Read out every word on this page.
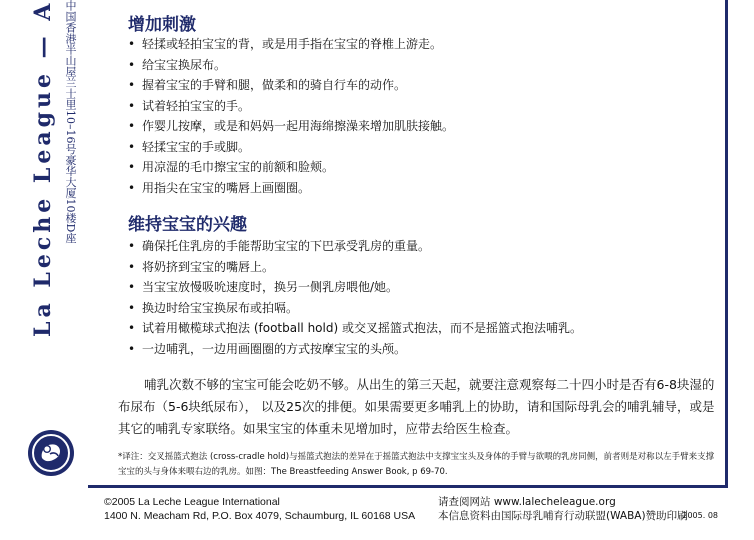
La Leche League — A 中国香港半山屋兰士里10–16号豪华大厦10楼D座	增加刺激
• 轻揉或轻拍宝宝的背，或是用手指在宝宝的脊椎上游走。
• 给宝宝换尿布。
• 握着宝宝的手臂和腿，做柔和的骑自行车的动作。
• 试着轻拍宝宝的手。
• 作婴儿按摩，或是和妈妈一起用海绵擦澡来增加肌肤接触。
• 轻揉宝宝的手或脚。
• 用凉湿的毛巾擦宝宝的前额和脸颊。
• 用指尖在宝宝的嘴唇上画圈圈。
维持宝宝的兴趣
• 确保托住乳房的手能帮助宝宝的下巴承受乳房的重量。
• 将奶挤到宝宝的嘴唇上。
• 当宝宝放慢吸吮速度时，换另一侧乳房喂他/她。
• 换边时给宝宝换尿布或拍嗝。
• 试着用橄榄球式抱法 (football hold) 或交叉摇篮式抱法，而不是摇篮式抱法哺乳。
• 一边哺乳，一边用画圈圈的方式按摩宝宝的头颅。

哺乳次数不够的宝宝可能会吃奶不够。从出生的第三天起，就要注意观察每二十四小时是否有6-8块湿的布尿布（5-6块纸尿布）， 以及25次的排便。如果需要更多哺乳上的协助，请和国际母乳会的哺乳辅导，或是其它的哺乳专家联络。如果宝宝的体重未见增加时，应带去给医生检查。

*译注：交叉摇篮式抱法 (cross-cradle hold)与摇篮式抱法的差异在于摇篮式抱法中支撑宝宝头及身体的手臂与欲喂的乳房同侧，前者则是对称以左手臂来支撑宝宝的头与身体来喂右边的乳房。如图：The Breastfeeding Answer Book, p 69-70.

©2005 La Leche League International
1400 N. Meacham Rd, P.O. Box 4079, Schaumburg, IL 60168 USA
请查阅网站 www.lalecheleague.org
本信息资料由国际母乳哺育行动联盟(WABA)赞助印刷
2005. 08
